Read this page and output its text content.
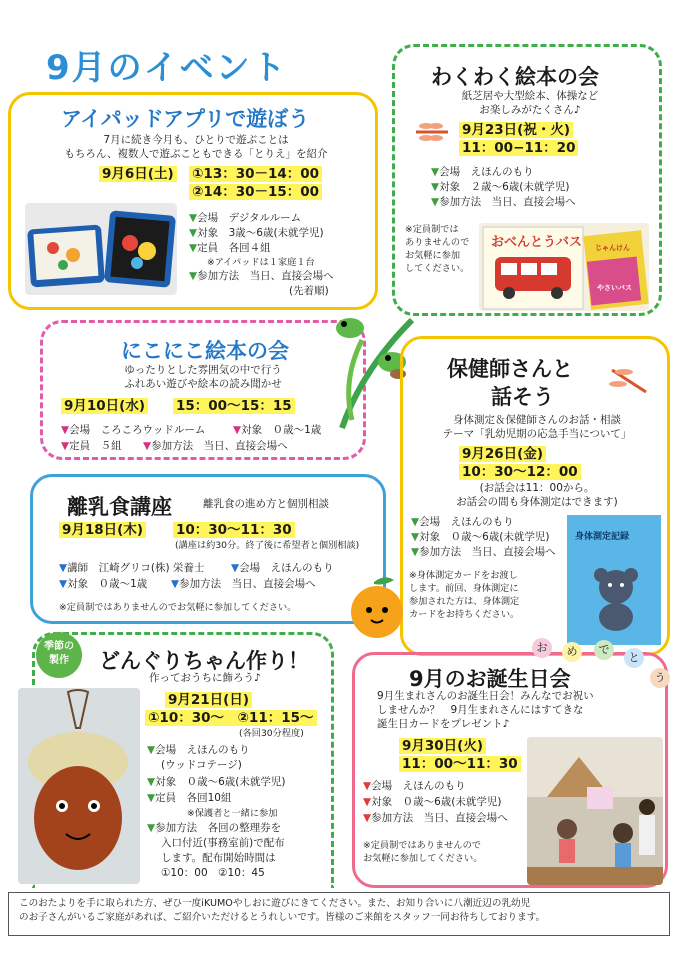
9月のイベント
アイパッドアプリで遊ぼう
7月に続き今月も、ひとりで遊ぶことは
もちろん、複数人で遊ぶこともできる「とりえ」を紹介
9月6日(土) ①13：30－14：00
②14：30－15：00
▼会場　デジタルルーム
▼対象　3歳～6歳(未就学児)
▼定員　各回４組
※アイパッドは１家庭１台
▼参加方法　当日、直接会場へ
(先着順)
わくわく絵本の会
紙芝居や大型絵本、体操など
お楽しみがたくさん♪
9月23日(祝・火)
11：00−11：20
▼会場　えほんのもり
▼対象　２歳～6歳(未就学児)
▼参加方法　当日、直接会場へ
※定員制では
ありませんので
お気軽に参加
してください。
おべんとうバス じゃんけん
やさいバス
にこにこ絵本の会
ゆったりとした雰囲気の中で行う
ふれあい遊びや絵本の読み聞かせ
9月10日(水) 15：00～15：15
▼会場　ころころウッドルーム	▼対象　０歳～1歳
▼定員　５組 ▼参加方法　当日、直接会場へ
保健師さんと
話そう
身体測定＆保健師さんのお話・相談
テーマ「乳幼児期の応急手当について」
9月26日(金)
10：30～12：00
(お話会は11：00から。
お話会の間も身体測定はできます)
▼会場　えほんのもり
▼対象　０歳～6歳(未就学児)
▼参加方法　当日、直接会場へ
※身体測定カードをお渡し
します。前回、身体測定に
参加された方は、身体測定
カードをお持ちください。
身体測定記録
離乳食講座	離乳食の進め方と個別相談
9月18日(木) 10：30～11：30
(講座は約30分。終了後に希望者と個別相談)
▼講師　江崎グリコ(株) 栄養士	▼会場　えほんのもり
▼対象　０歳～1歳 ▼参加方法　当日、直接会場へ
※定員制ではありませんのでお気軽に参加してください。
どんぐりちゃん作り！
作っておうちに飾ろう♪
9月21日(日)
①10：30～　②11：15～
(各回30分程度)
▼会場　えほんのもり
(ウッドコテージ)
▼対象　０歳～6歳(未就学児)
▼定員　各回10組
※保護者と一緒に参加
▼参加方法　各回の整理券を
入口付近(事務室前)で配布
します。配布開始時間は
①10：00　②10：45
季節の
製作
9月のお誕生日会
9月生まれさんのお誕生日会！みんなでお祝い
しませんか？　9月生まれさんにはすてきな
誕生日カードをプレゼント♪
9月30日(火)
11：00～11：30
▼会場　えほんのもり
▼対象　０歳～6歳(未就学児)
▼参加方法　当日、直接会場へ
※定員制ではありませんので
お気軽に参加してください。
お	め	で
と
う
このおたよりを手に取られた方、ぜひ一度iKUMOやしおに遊びにきてください。また、お知り合いに八潮近辺の乳幼児
のお子さんがいるご家庭があれば、ご紹介いただけるとうれしいです。皆様のご来館をスタッフ一同お待ちしております。
